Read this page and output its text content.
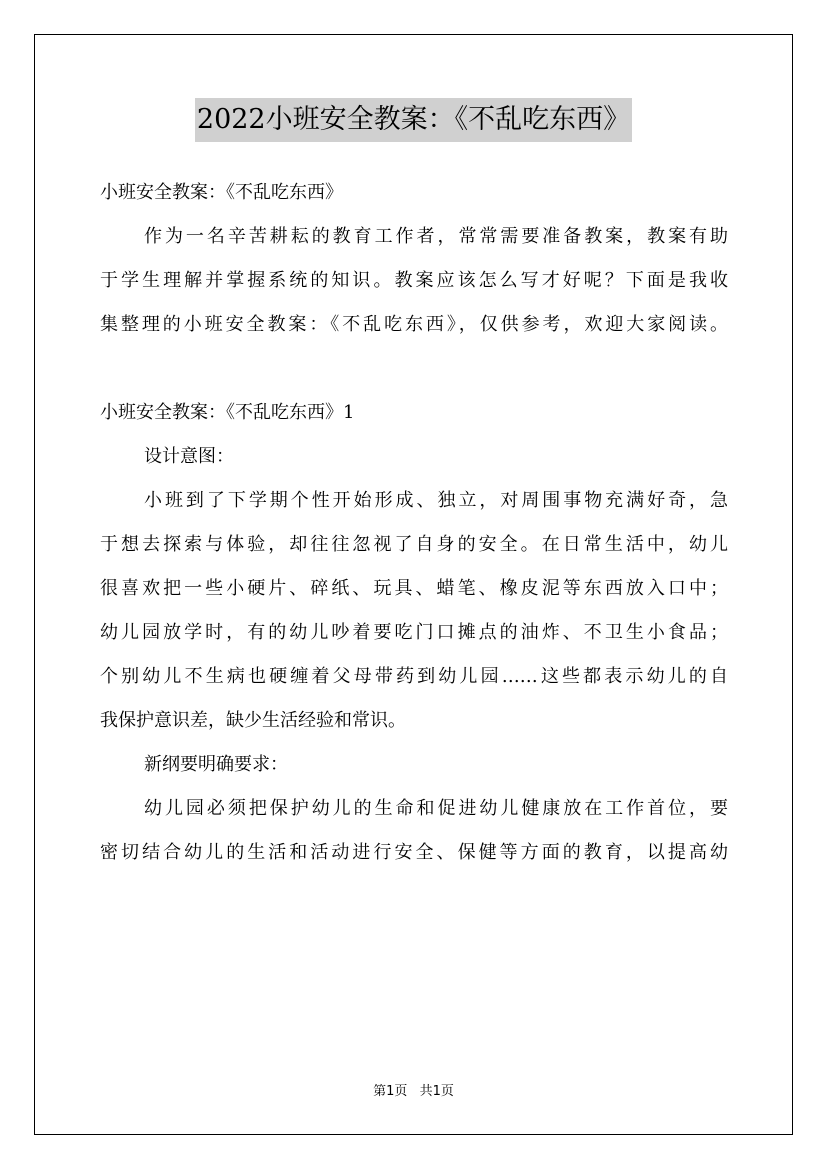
2022小班安全教案：《不乱吃东西》
小班安全教案：《不乱吃东西》
作为一名辛苦耕耘的教育工作者，常常需要准备教案，教案有助
于学生理解并掌握系统的知识。教案应该怎么写才好呢？下面是我收
集整理的小班安全教案：《不乱吃东西》，仅供参考，欢迎大家阅读。
小班安全教案：《不乱吃东西》1
设计意图：
小班到了下学期个性开始形成、独立，对周围事物充满好奇，急
于想去探索与体验，却往往忽视了自身的安全。在日常生活中，幼儿
很喜欢把一些小硬片、碎纸、玩具、蜡笔、橡皮泥等东西放入口中；
幼儿园放学时，有的幼儿吵着要吃门口摊点的油炸、不卫生小食品；
个别幼儿不生病也硬缠着父母带药到幼儿园……这些都表示幼儿的自
我保护意识差，缺少生活经验和常识。
新纲要明确要求：
幼儿园必须把保护幼儿的生命和促进幼儿健康放在工作首位，要
密切结合幼儿的生活和活动进行安全、保健等方面的教育，以提高幼
第1页 共1页
